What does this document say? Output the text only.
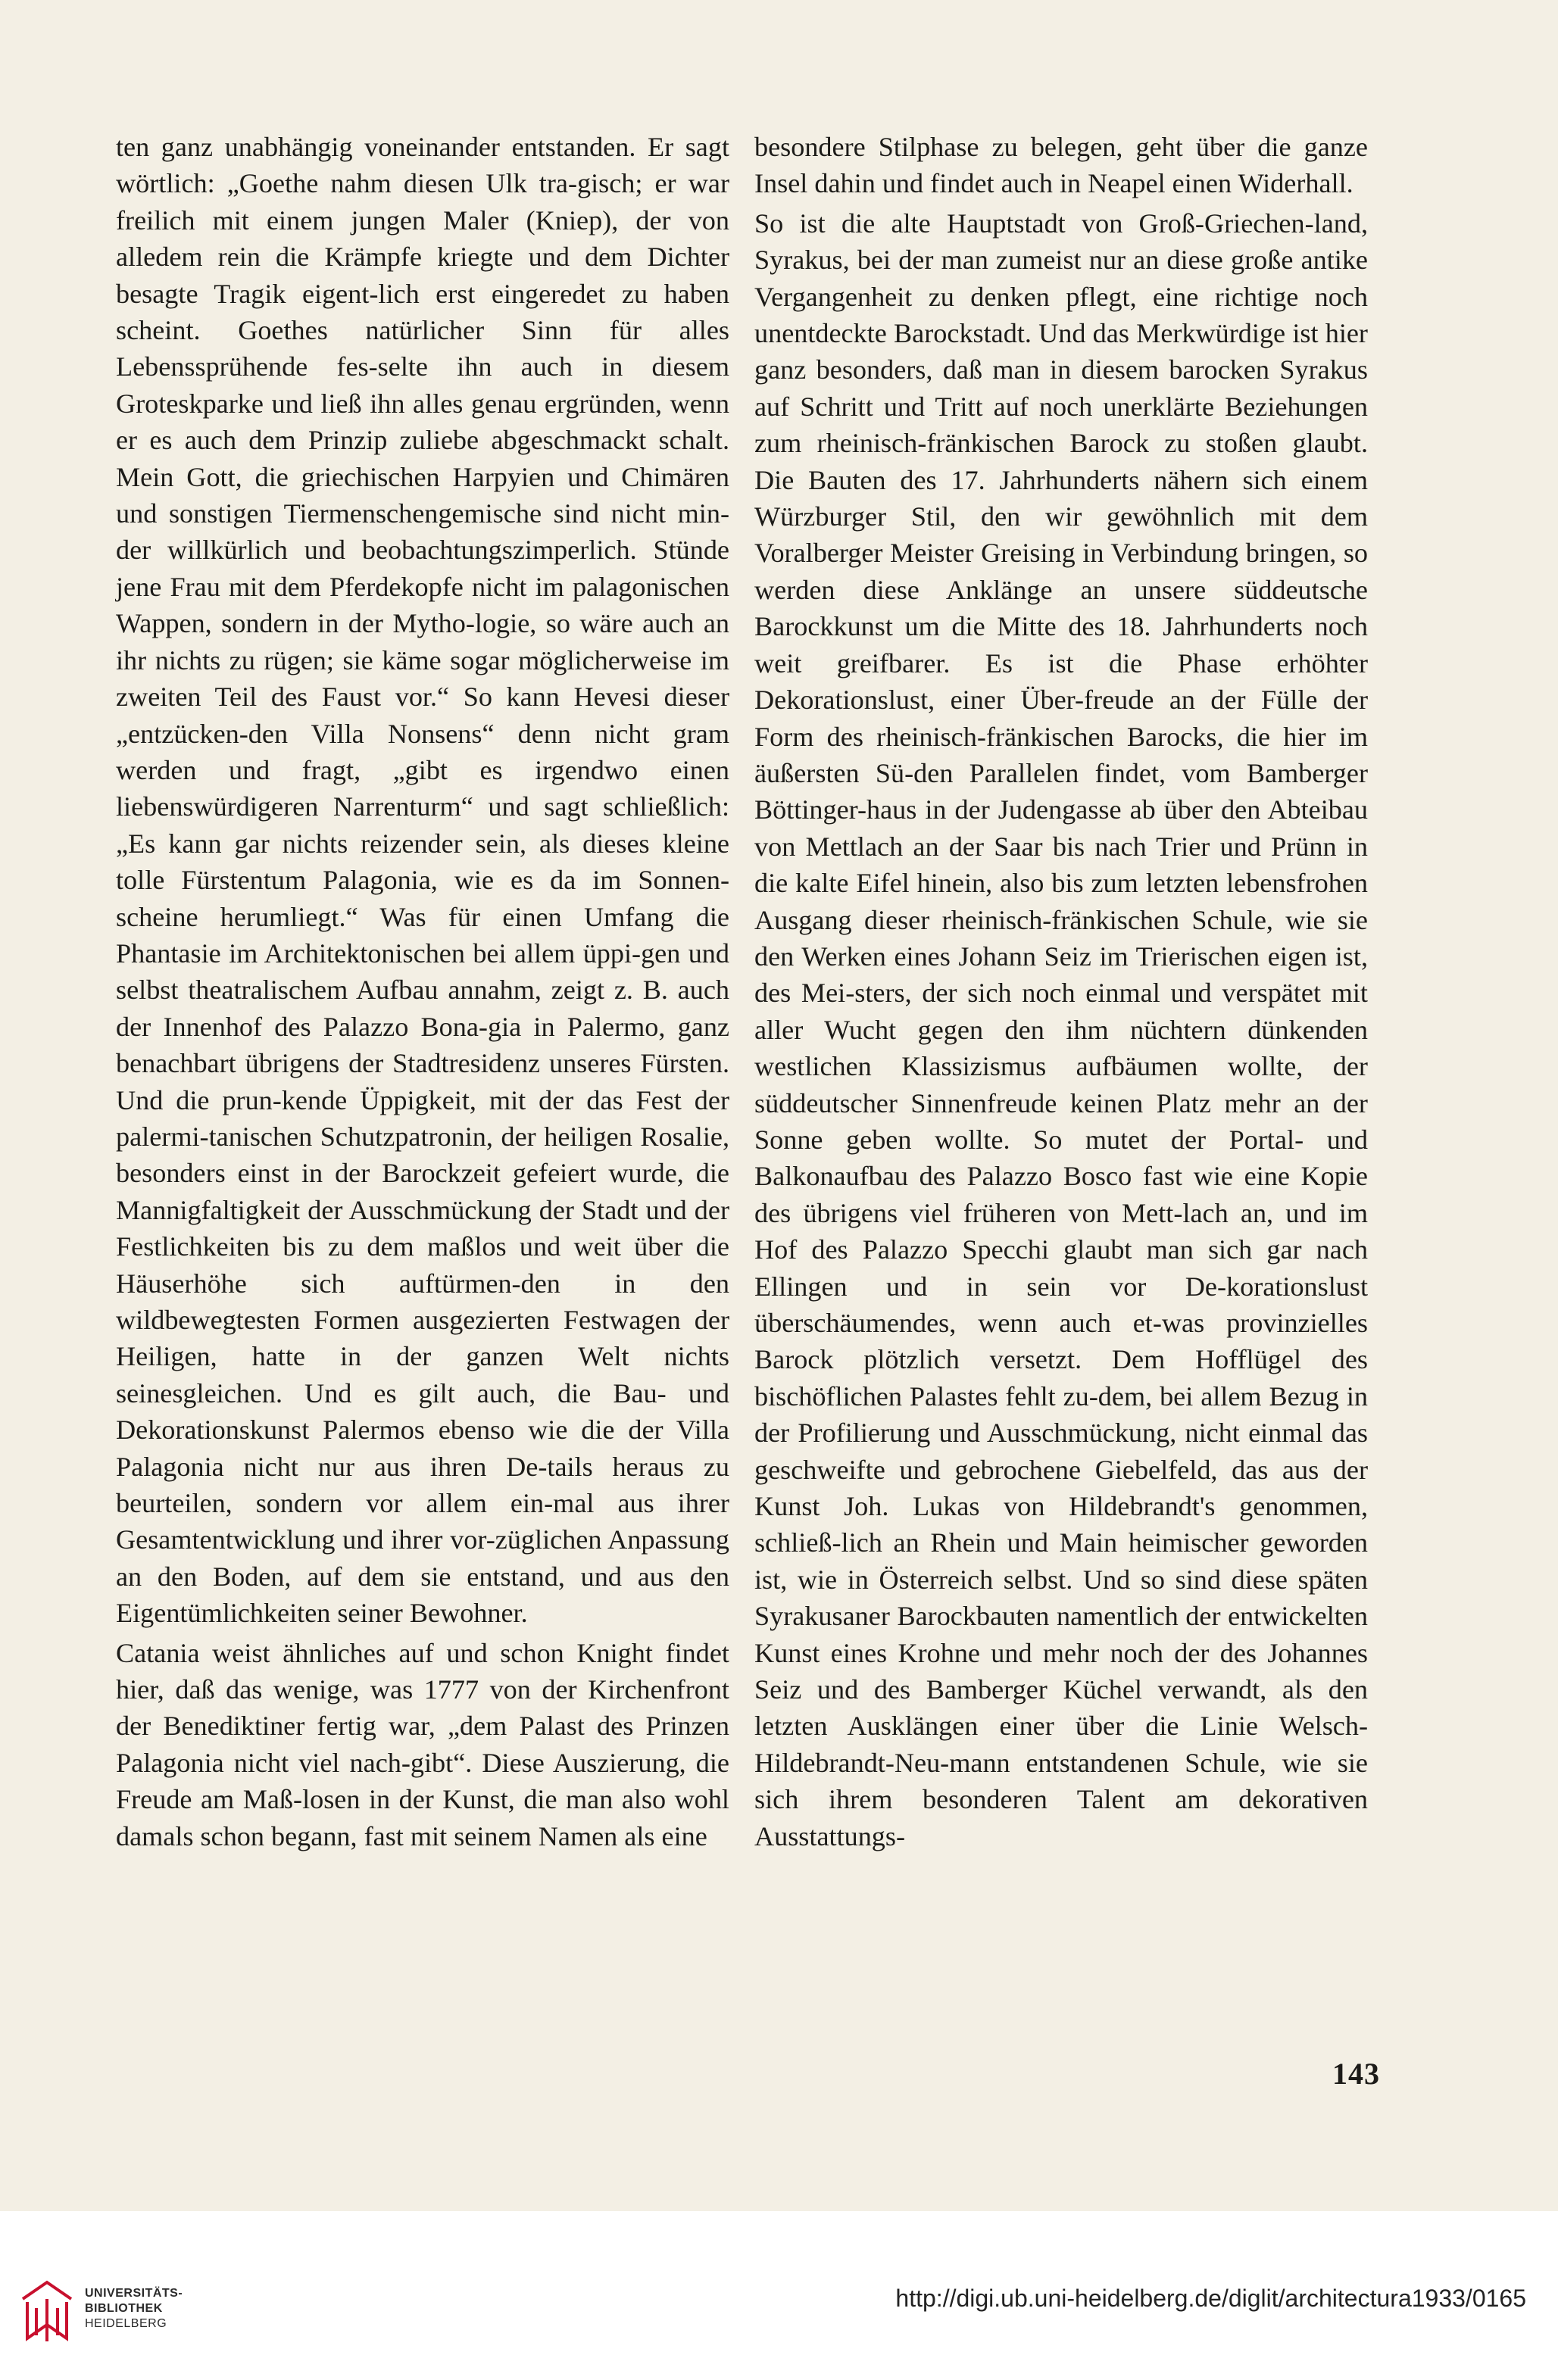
ten ganz unabhängig voneinander entstanden. Er sagt wörtlich: „Goethe nahm diesen Ulk tra-gisch; er war freilich mit einem jungen Maler (Kniep), der von alledem rein die Krämpfe kriegte und dem Dichter besagte Tragik eigent-lich erst eingeredet zu haben scheint. Goethes natürlicher Sinn für alles Lebenssprühende fes-selte ihn auch in diesem Groteskparke und ließ ihn alles genau ergründen, wenn er es auch dem Prinzip zuliebe abgeschmackt schalt. Mein Gott, die griechischen Harpyien und Chimären und sonstigen Tiermenschengemische sind nicht min-der willkürlich und beobachtungszimperlich. Stünde jene Frau mit dem Pferdekopfe nicht im palagonischen Wappen, sondern in der Mytho-logie, so wäre auch an ihr nichts zu rügen; sie käme sogar möglicherweise im zweiten Teil des Faust vor.“ So kann Hevesi dieser „entzücken-den Villa Nonsens“ denn nicht gram werden und fragt, „gibt es irgendwo einen liebenswürdigeren Narrenturm“ und sagt schließlich: „Es kann gar nichts reizender sein, als dieses kleine tolle Fürstentum Palagonia, wie es da im Sonnen-scheine herumliegt.“ Was für einen Umfang die Phantasie im Architektonischen bei allem üppi-gen und selbst theatralischem Aufbau annahm, zeigt z. B. auch der Innenhof des Palazzo Bona-gia in Palermo, ganz benachbart übrigens der Stadtresidenz unseres Fürsten. Und die prun-kende Üppigkeit, mit der das Fest der palermi-tanischen Schutzpatronin, der heiligen Rosalie, besonders einst in der Barockzeit gefeiert wurde, die Mannigfaltigkeit der Ausschmückung der Stadt und der Festlichkeiten bis zu dem maßlos und weit über die Häuserhöhe sich auftürmen-den in den wildbewegtesten Formen ausgezierten Festwagen der Heiligen, hatte in der ganzen Welt nichts seinesgleichen. Und es gilt auch, die Bau- und Dekorationskunst Palermos ebenso wie die der Villa Palagonia nicht nur aus ihren De-tails heraus zu beurteilen, sondern vor allem ein-mal aus ihrer Gesamtentwicklung und ihrer vor-züglichen Anpassung an den Boden, auf dem sie entstand, und aus den Eigentümlichkeiten seiner Bewohner.

Catania weist ähnliches auf und schon Knight findet hier, daß das wenige, was 1777 von der Kirchenfront der Benediktiner fertig war, „dem Palast des Prinzen Palagonia nicht viel nach-gibt“. Diese Auszierung, die Freude am Maß-losen in der Kunst, die man also wohl damals schon begann, fast mit seinem Namen als eine

besondere Stilphase zu belegen, geht über die ganze Insel dahin und findet auch in Neapel einen Widerhall.

So ist die alte Hauptstadt von Groß-Griechen-land, Syrakus, bei der man zumeist nur an diese große antike Vergangenheit zu denken pflegt, eine richtige noch unentdeckte Barockstadt. Und das Merkwürdige ist hier ganz besonders, daß man in diesem barocken Syrakus auf Schritt und Tritt auf noch unerklärte Beziehungen zum rheinisch-fränkischen Barock zu stoßen glaubt. Die Bauten des 17. Jahrhunderts nähern sich einem Würzburger Stil, den wir gewöhnlich mit dem Voralberger Meister Greising in Verbindung bringen, so werden diese Anklänge an unsere süddeutsche Barockkunst um die Mitte des 18. Jahrhunderts noch weit greifbarer. Es ist die Phase erhöhter Dekorationslust, einer Über-freude an der Fülle der Form des rheinisch-fränkischen Barocks, die hier im äußersten Sü-den Parallelen findet, vom Bamberger Böttinger-haus in der Judengasse ab über den Abteibau von Mettlach an der Saar bis nach Trier und Prünn in die kalte Eifel hinein, also bis zum letzten lebensfrohen Ausgang dieser rheinisch-fränkischen Schule, wie sie den Werken eines Johann Seiz im Trierischen eigen ist, des Mei-sters, der sich noch einmal und verspätet mit aller Wucht gegen den ihm nüchtern dünkenden westlichen Klassizismus aufbäumen wollte, der süddeutscher Sinnenfreude keinen Platz mehr an der Sonne geben wollte. So mutet der Portal- und Balkonaufbau des Palazzo Bosco fast wie eine Kopie des übrigens viel früheren von Mett-lach an, und im Hof des Palazzo Specchi glaubt man sich gar nach Ellingen und in sein vor De-korationslust überschäumendes, wenn auch et-was provinzielles Barock plötzlich versetzt. Dem Hofflügel des bischöflichen Palastes fehlt zu-dem, bei allem Bezug in der Profilierung und Ausschmückung, nicht einmal das geschweifte und gebrochene Giebelfeld, das aus der Kunst Joh. Lukas von Hildebrandt's genommen, schließ-lich an Rhein und Main heimischer geworden ist, wie in Österreich selbst. Und so sind diese späten Syrakusaner Barockbauten namentlich der entwickelten Kunst eines Krohne und mehr noch der des Johannes Seiz und des Bamberger Küchel verwandt, als den letzten Ausklängen einer über die Linie Welsch-Hildebrandt-Neu-mann entstandenen Schule, wie sie sich ihrem besonderen Talent am dekorativen Ausstattungs-

143
UNIVERSITÄTS-
BIBLIOTHEK
HEIDELBERG
http://digi.ub.uni-heidelberg.de/diglit/architectura1933/0165
